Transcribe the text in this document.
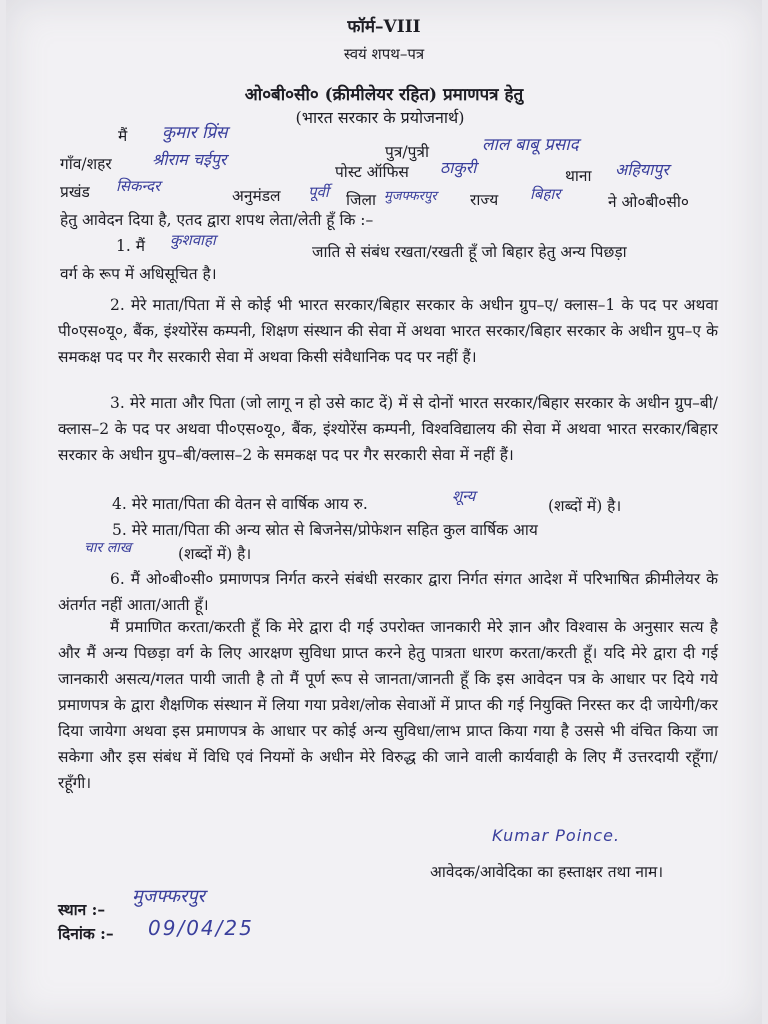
फॉर्म–VIII
स्वयं शपथ–पत्र
ओ०बी०सी० (क्रीमीलेयर रहित) प्रमाणपत्र हेतु
(भारत सरकार के प्रयोजनार्थ)
मैं कुमार प्रिंस
पुत्र/पुत्री	लाल बाबू प्रसाद
गाँव/शहर	श्रीराम चईपुर
पोस्ट ऑफिस ठाकुरी	थाना अहियापुर
प्रखंड सिकन्दर
अनुमंडल पूर्वी जिला मुजफ्फरपुर राज्य बिहार	ने ओ०बी०सी०
हेतु आवेदन दिया है, एतद द्वारा शपथ लेता/लेती हूँ कि :–
1. मैं कुशवाहा
जाति से संबंध रखता/रखती हूँ जो बिहार हेतु अन्य पिछड़ा
वर्ग के रूप में अधिसूचित है।
2. मेरे माता/पिता में से कोई भी भारत सरकार/बिहार सरकार के अधीन ग्रुप–ए/ क्लास–1 के पद पर अथवा पी०एस०यू०, बैंक, इंश्योरेंस कम्पनी, शिक्षण संस्थान की सेवा में अथवा भारत सरकार/बिहार सरकार के अधीन ग्रुप–ए के समकक्ष पद पर गैर सरकारी सेवा में अथवा किसी संवैधानिक पद पर नहीं हैं।
3. मेरे माता और पिता (जो लागू न हो उसे काट दें) में से दोनों भारत सरकार/बिहार सरकार के अधीन ग्रुप–बी/क्लास–2 के पद पर अथवा पी०एस०यू०, बैंक, इंश्योरेंस कम्पनी, विश्वविद्यालय की सेवा में अथवा भारत सरकार/बिहार सरकार के अधीन ग्रुप–बी/क्लास–2 के समकक्ष पद पर गैर सरकारी सेवा में नहीं हैं।
4. मेरे माता/पिता की वेतन से वार्षिक आय रु.	शून्य
(शब्दों में) है।
5. मेरे माता/पिता की अन्य स्रोत से बिजनेस/प्रोफेशन सहित कुल वार्षिक आय
चार लाख	(शब्दों में) है।
6. मैं ओ०बी०सी० प्रमाणपत्र निर्गत करने संबंधी सरकार द्वारा निर्गत संगत आदेश में परिभाषित क्रीमीलेयर के अंतर्गत नहीं आता/आती हूँ।
मैं प्रमाणित करता/करती हूँ कि मेरे द्वारा दी गई उपरोक्त जानकारी मेरे ज्ञान और विश्वास के अनुसार सत्य है और मैं अन्य पिछड़ा वर्ग के लिए आरक्षण सुविधा प्राप्त करने हेतु पात्रता धारण करता/करती हूँ। यदि मेरे द्वारा दी गई जानकारी असत्य/गलत पायी जाती है तो मैं पूर्ण रूप से जानता/जानती हूँ कि इस आवेदन पत्र के आधार पर दिये गये प्रमाणपत्र के द्वारा शैक्षणिक संस्थान में लिया गया प्रवेश/लोक सेवाओं में प्राप्त की गई नियुक्ति निरस्त कर दी जायेगी/कर दिया जायेगा अथवा इस प्रमाणपत्र के आधार पर कोई अन्य सुविधा/लाभ प्राप्त किया गया है उससे भी वंचित किया जा सकेगा और इस संबंध में विधि एवं नियमों के अधीन मेरे विरुद्ध की जाने वाली कार्यवाही के लिए मैं उत्तरदायी रहूँगा/रहूँगी।
Kumar Poince.
आवेदक/आवेदिका का हस्ताक्षर तथा नाम।
स्थान :–
मुजफ्फरपुर
दिनांक :– 09/04/25
